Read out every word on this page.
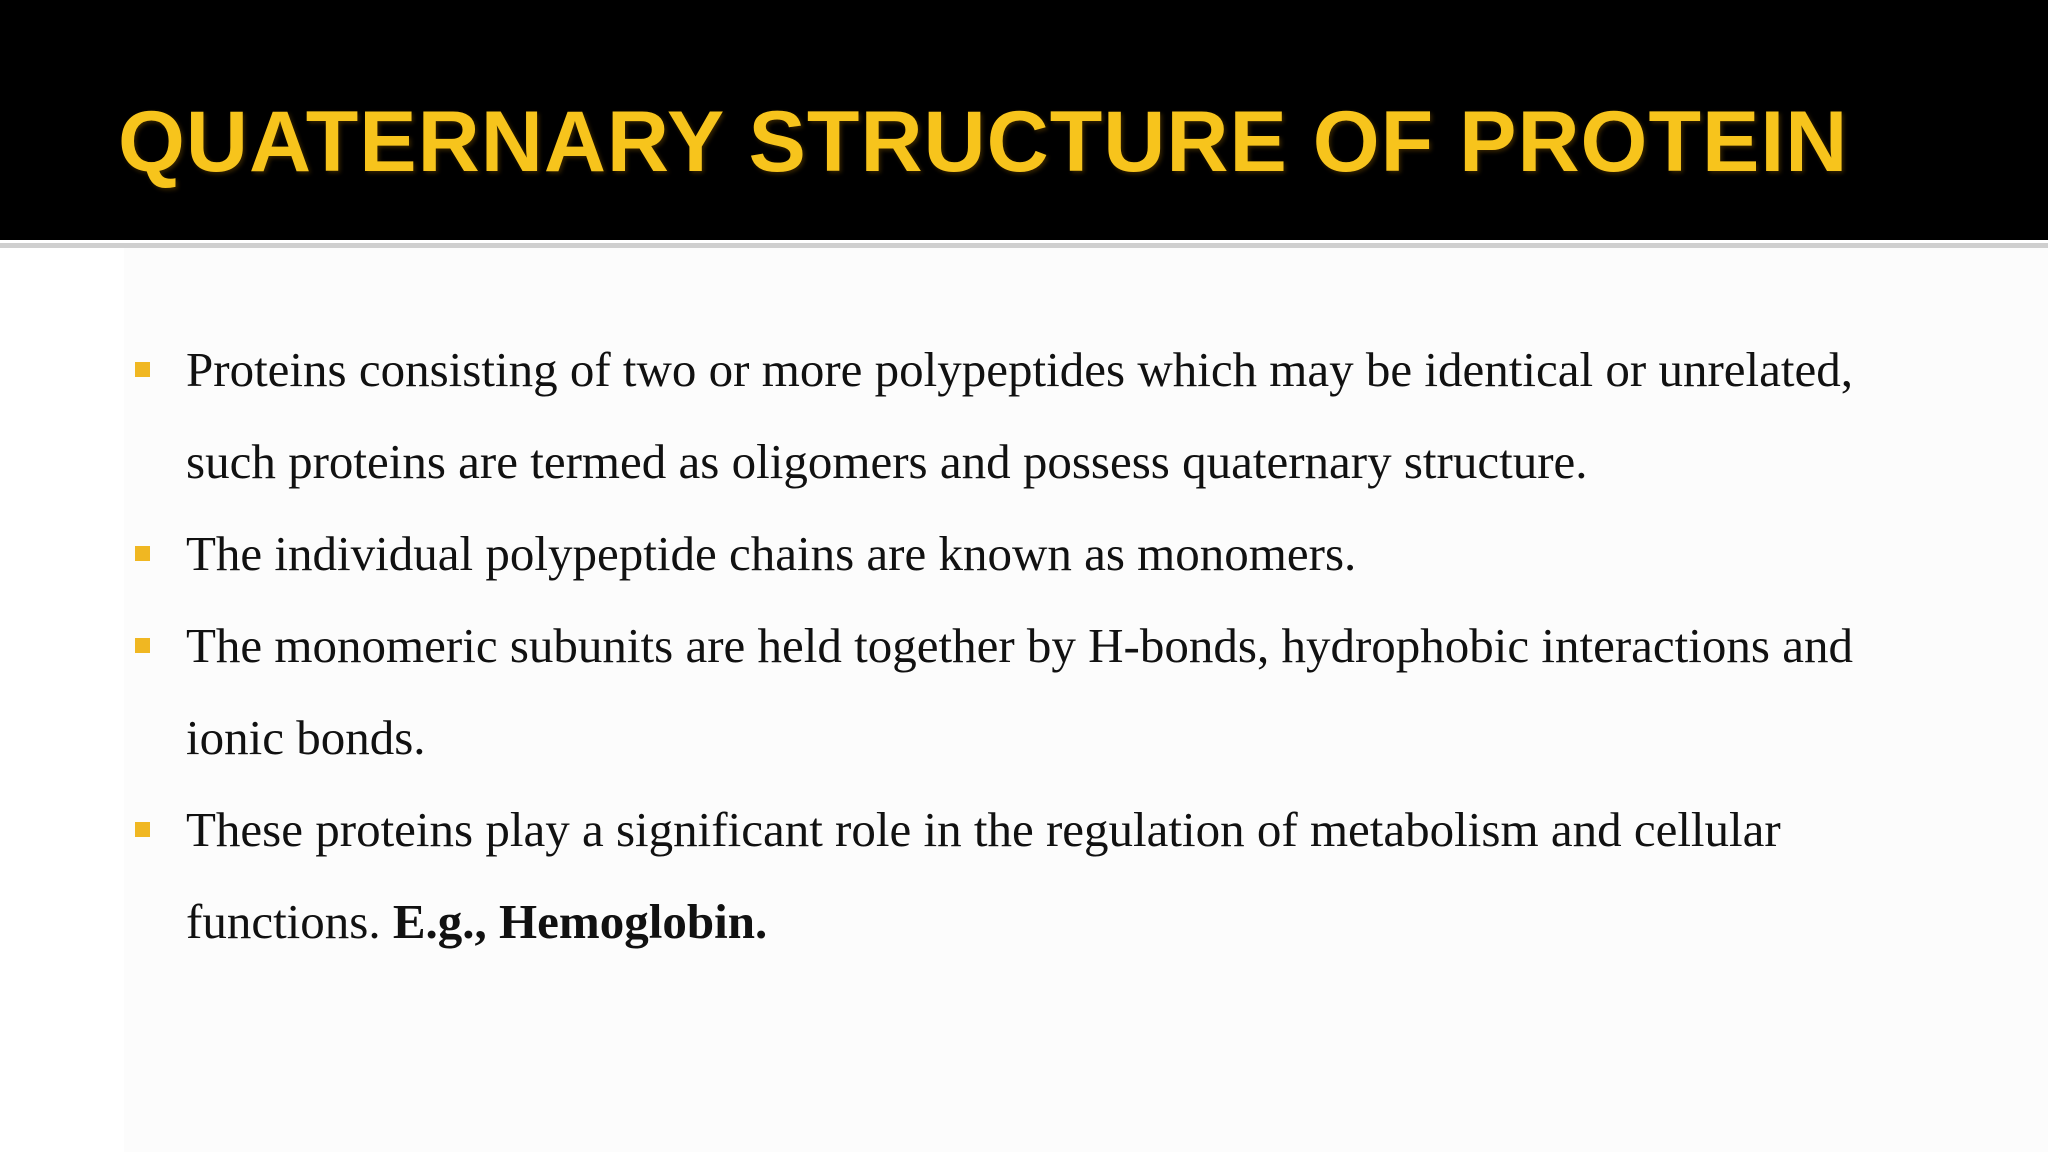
QUATERNARY STRUCTURE OF PROTEIN
Proteins consisting of two or more polypeptides which may be identical or unrelated, such proteins are termed as oligomers and possess quaternary structure.
The individual polypeptide chains are known as monomers.
The monomeric subunits are held together by H-bonds, hydrophobic interactions and ionic bonds.
These proteins play a significant role in the regulation of metabolism and cellular functions. E.g., Hemoglobin.
